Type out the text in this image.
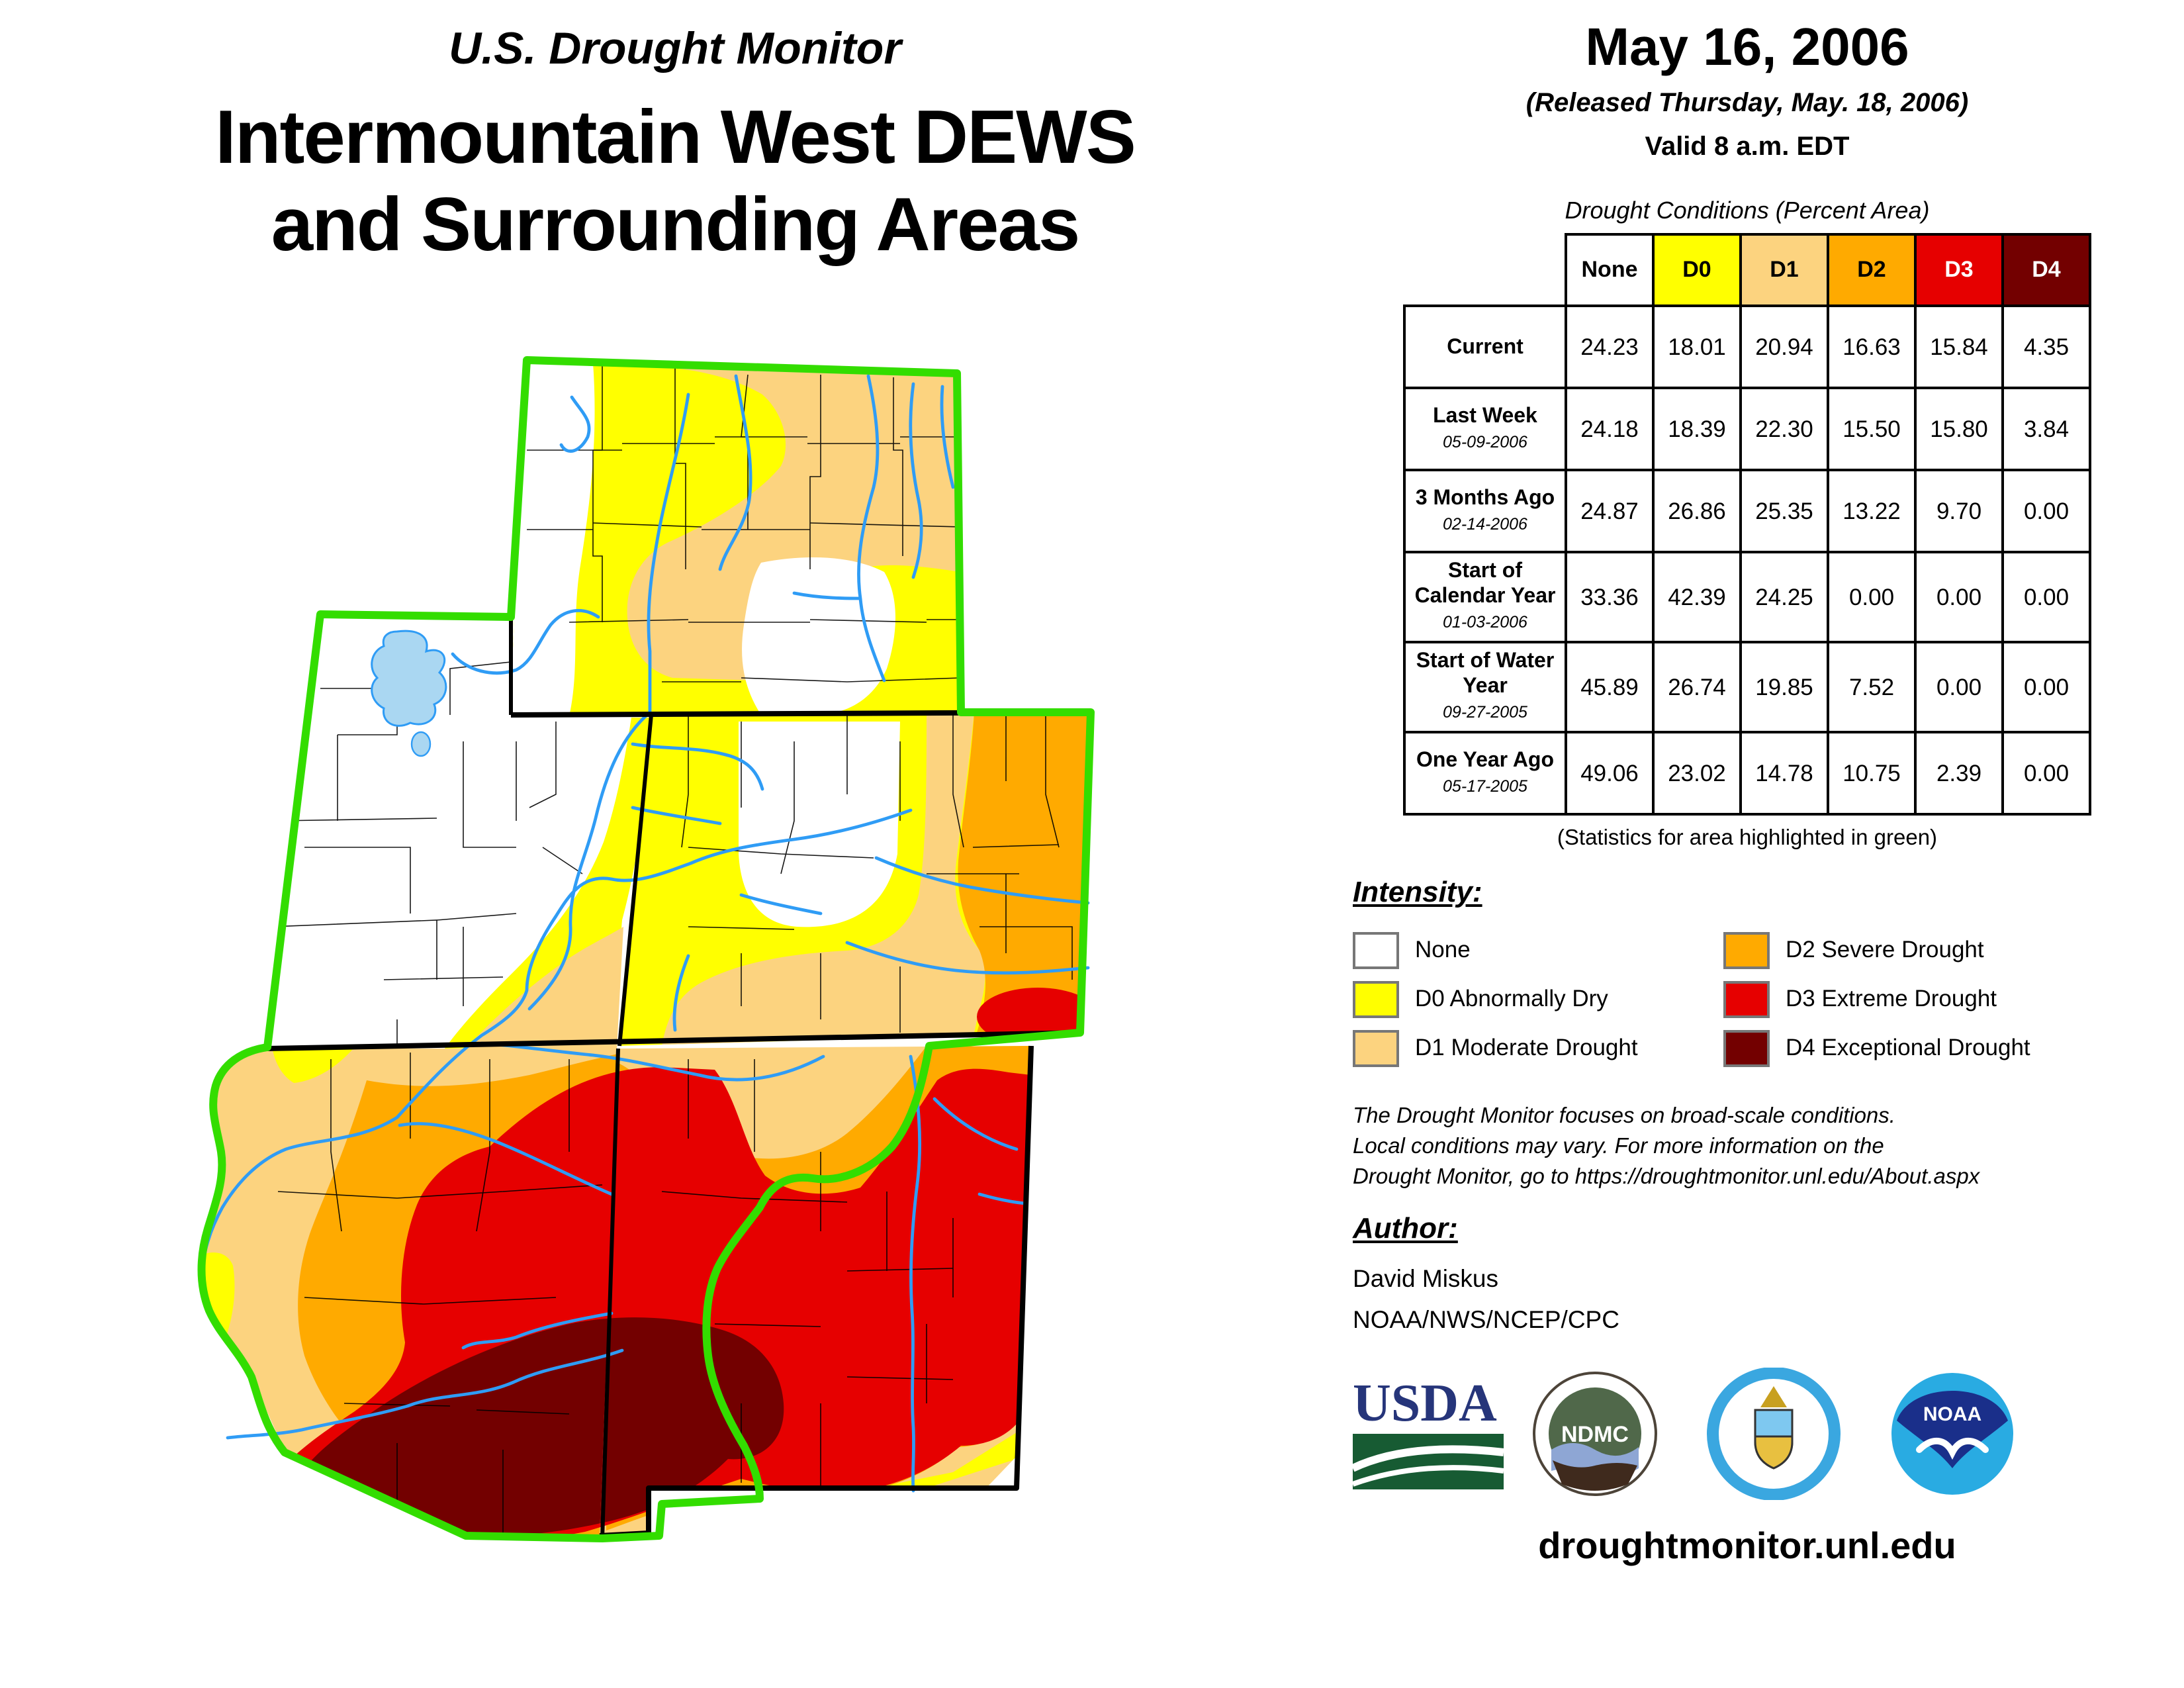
U.S. Drought Monitor
Intermountain West DEWS
and Surrounding Areas
May 16, 2006
(Released Thursday, May. 18, 2006)
Valid 8 a.m. EDT
Drought Conditions (Percent Area)
	None	D0	D1	D2	D3	D4
Current	24.23	18.01	20.94	16.63	15.84	4.35
Last Week
05-09-2006	24.18	18.39	22.30	15.50	15.80	3.84
3 Months Ago
02-14-2006	24.87	26.86	25.35	13.22	9.70	0.00
Start of Calendar Year
01-03-2006	33.36	42.39	24.25	0.00	0.00	0.00
Start of Water Year
09-27-2005	45.89	26.74	19.85	7.52	0.00	0.00
One Year Ago
05-17-2005	49.06	23.02	14.78	10.75	2.39	0.00
(Statistics for area highlighted in green)
Intensity:
None	D2 Severe Drought
D0 Abnormally Dry	D3 Extreme Drought
D1 Moderate Drought	D4 Exceptional Drought
The Drought Monitor focuses on broad-scale conditions.
Local conditions may vary. For more information on the
Drought Monitor, go to https://droughtmonitor.unl.edu/About.aspx
Author:
David Miskus
NOAA/NWS/NCEP/CPC
USDA
NDMC
NOAA
droughtmonitor.unl.edu
